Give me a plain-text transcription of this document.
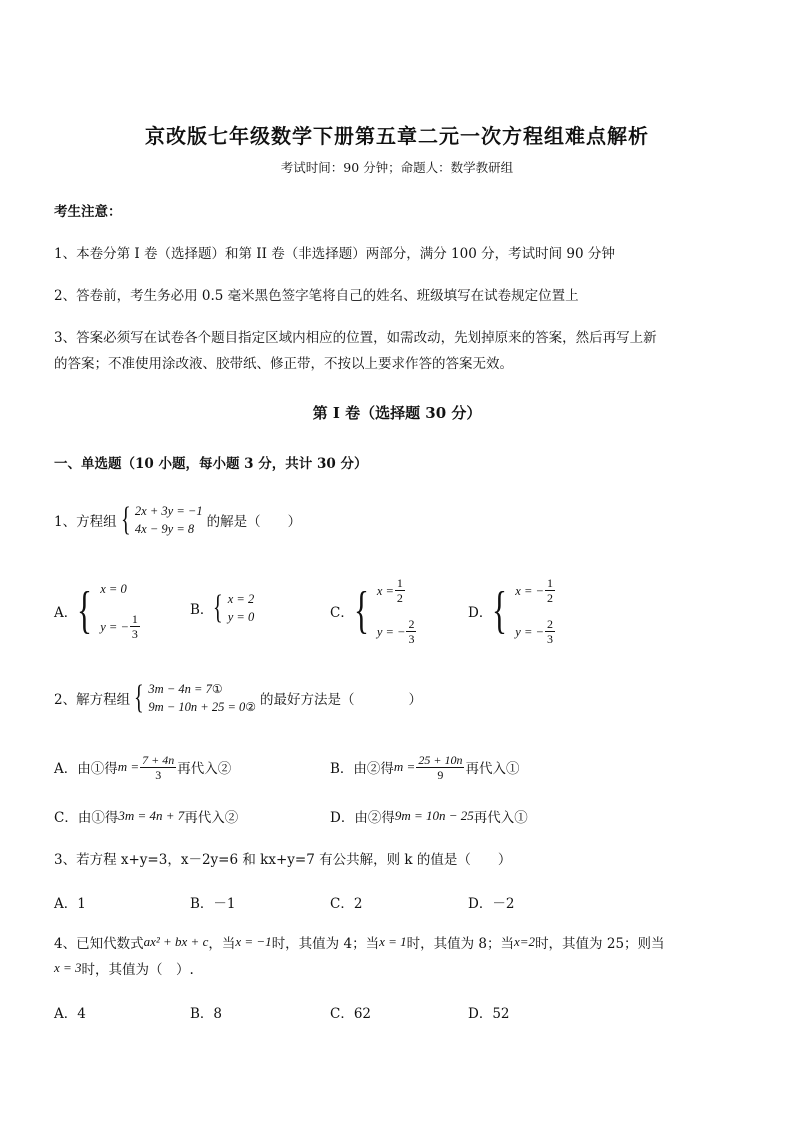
京改版七年级数学下册第五章二元一次方程组难点解析
考试时间：90 分钟；命题人：数学教研组
考生注意：
1、本卷分第 I 卷（选择题）和第 II 卷（非选择题）两部分，满分 100 分，考试时间 90 分钟
2、答卷前，考生务必用 0.5 毫米黑色签字笔将自己的姓名、班级填写在试卷规定位置上
3、答案必须写在试卷各个题目指定区域内相应的位置，如需改动，先划掉原来的答案，然后再写上新
的答案；不准使用涂改液、胶带纸、修正带，不按以上要求作答的答案无效。
第 I 卷（选择题 30 分）
一、单选题（10 小题，每小题 3 分，共计 30 分）
1、方程组 { 2x + 3y = −1
4x − 9y = 8 的解是（　　）
A． { x = 0
y = − $\frac{1}{3}$
B． { x = 2
y = 0	C． { $x = \frac{1}{2}$
y = − $\frac{2}{3}$
D． { x = − $\frac{1}{2}$
y = − $\frac{2}{3}$
2、解方程组 { 3m − 4n = 7 ①
9m − 10n + 25 = 0 ② 的最好方法是（　　　　）
A．由①得 $m = \frac{7 + 4n}{3}$ 再代入②	B．由②得 $m = \frac{25 + 10n}{9}$ 再代入①
C．由①得 3m = 4n + 7 再代入②	D．由②得 9m = 10n − 25 再代入①
3、若方程 x+y=3，x－2y=6 和 kx+y=7 有公共解，则 k 的值是（　　）
A．1	B．－1	C．2	D．－2
4、已知代数式 ax² + bx + c ，当 x = −1 时，其值为 4；当 x = 1 时，其值为 8；当 x=2 时，其值为 25；则当
x = 3 时，其值为（　）.
A．4	B．8	C．62	D．52
